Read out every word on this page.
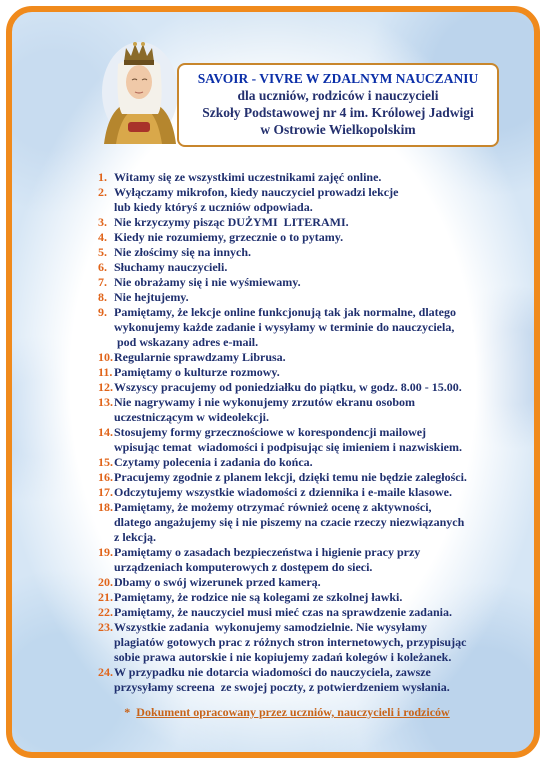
SAVOIR - VIVRE W ZDALNYM NAUCZANIU
dla uczniów, rodziców i nauczycieli
Szkoły Podstawowej nr 4 im. Królowej Jadwigi
w Ostrowie Wielkopolskim
1. Witamy się ze wszystkimi uczestnikami zajęć online.
2. Wyłączamy mikrofon, kiedy nauczyciel prowadzi lekcje
lub kiedy któryś z uczniów odpowiada.
3. Nie krzyczymy pisząc DUŻYMI  LITERAMI.
4. Kiedy nie rozumiemy, grzecznie o to pytamy.
5. Nie złościmy się na innych.
6. Słuchamy nauczycieli.
7. Nie obrażamy się i nie wyśmiewamy.
8. Nie hejtujemy.
9. Pamiętamy, że lekcje online funkcjonują tak jak normalne, dlatego
wykonujemy każde zadanie i wysyłamy w terminie do nauczyciela,
pod wskazany adres e-mail.
10. Regularnie sprawdzamy Librusa.
11. Pamiętamy o kulturze rozmowy.
12. Wszyscy pracujemy od poniedziałku do piątku, w godz. 8.00 - 15.00.
13. Nie nagrywamy i nie wykonujemy zrzutów ekranu osobom
uczestniczącym w wideolekcji.
14. Stosujemy formy grzecznościowe w korespondencji mailowej
wpisując temat  wiadomości i podpisując się imieniem i nazwiskiem.
15. Czytamy polecenia i zadania do końca.
16. Pracujemy zgodnie z planem lekcji, dzięki temu nie będzie zaległości.
17. Odczytujemy wszystkie wiadomości z dziennika i e-maile klasowe.
18. Pamiętamy, że możemy otrzymać również ocenę z aktywności,
dlatego angażujemy się i nie piszemy na czacie rzeczy niezwiązanych
z lekcją.
19. Pamiętamy o zasadach bezpieczeństwa i higienie pracy przy
urządzeniach komputerowych z dostępem do sieci.
20. Dbamy o swój wizerunek przed kamerą.
21. Pamiętamy, że rodzice nie są kolegami ze szkolnej ławki.
22. Pamiętamy, że nauczyciel musi mieć czas na sprawdzenie zadania.
23. Wszystkie zadania  wykonujemy samodzielnie. Nie wysyłamy
plagiatów gotowych prac z różnych stron internetowych, przypisując
sobie prawa autorskie i nie kopiujemy zadań kolegów i koleżanek.
24. W przypadku nie dotarcia wiadomości do nauczyciela, zawsze
przysyłamy screena  ze swojej poczty, z potwierdzeniem wysłania.
* Dokument opracowany przez uczniów, nauczycieli i rodziców
